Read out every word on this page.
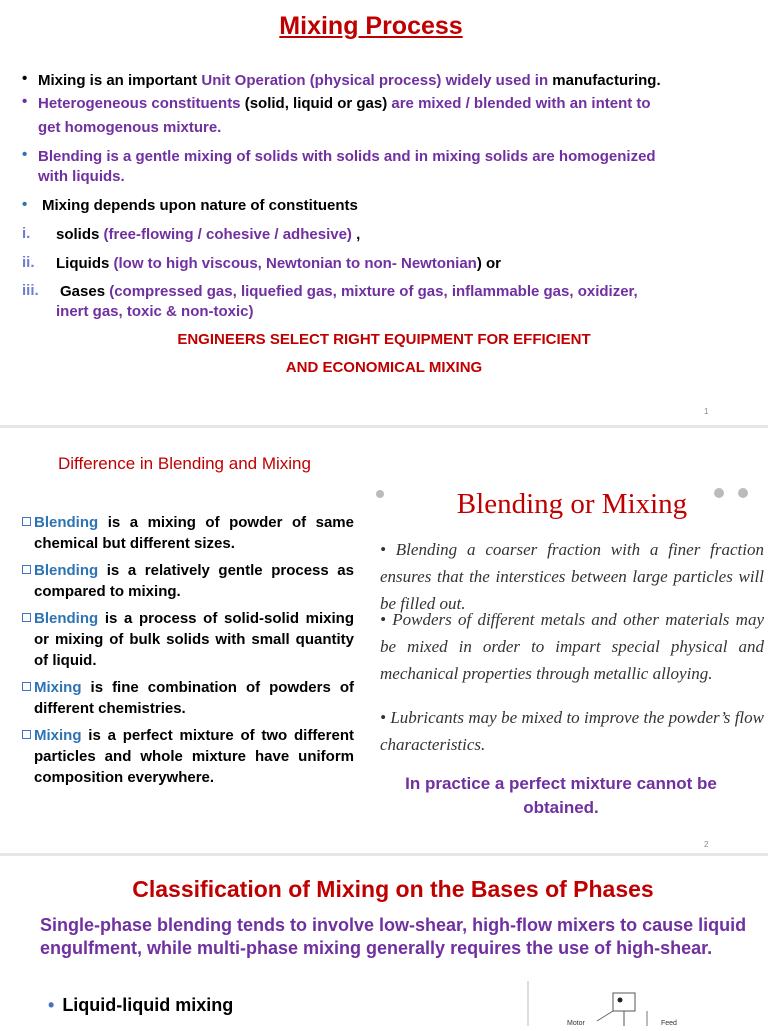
Mixing Process
• Mixing is an important Unit Operation (physical process) widely used in manufacturing.
• Heterogeneous constituents (solid, liquid or gas) are mixed / blended with an intent to
get homogenous mixture.
• Blending is a gentle mixing of solids with solids and in mixing solids are homogenized
with liquids.
• Mixing depends upon nature of constituents
i. solids (free-flowing / cohesive / adhesive) ,
ii. Liquids (low to high viscous, Newtonian to non- Newtonian) or
iii. Gases (compressed gas, liquefied gas, mixture of gas, inflammable gas, oxidizer,
inert gas, toxic & non-toxic)
ENGINEERS SELECT RIGHT EQUIPMENT FOR EFFICIENT
AND ECONOMICAL MIXING
1
Difference in Blending and Mixing
Blending is a mixing of powder of same chemical but different sizes.
Blending is a relatively gentle process as compared to mixing.
Blending is a process of solid-solid mixing or mixing of bulk solids with small quantity of liquid.
Mixing is fine combination of powders of different chemistries.
Mixing is a perfect mixture of two different particles and whole mixture have uniform composition everywhere.
Blending or Mixing
• Blending a coarser fraction with a finer fraction ensures that the interstices between large particles will be filled out.
• Powders of different metals and other materials may be mixed in order to impart special physical and mechanical properties through metallic alloying.
• Lubricants may be mixed to improve the powder’s flow characteristics.
In practice a perfect mixture cannot be obtained.
2
Classification of Mixing on the Bases of Phases
Single-phase blending tends to involve low-shear, high-flow mixers to cause liquid engulfment, while multi-phase mixing generally requires the use of high-shear.
• Liquid-liquid mixing
Motor	Feed
